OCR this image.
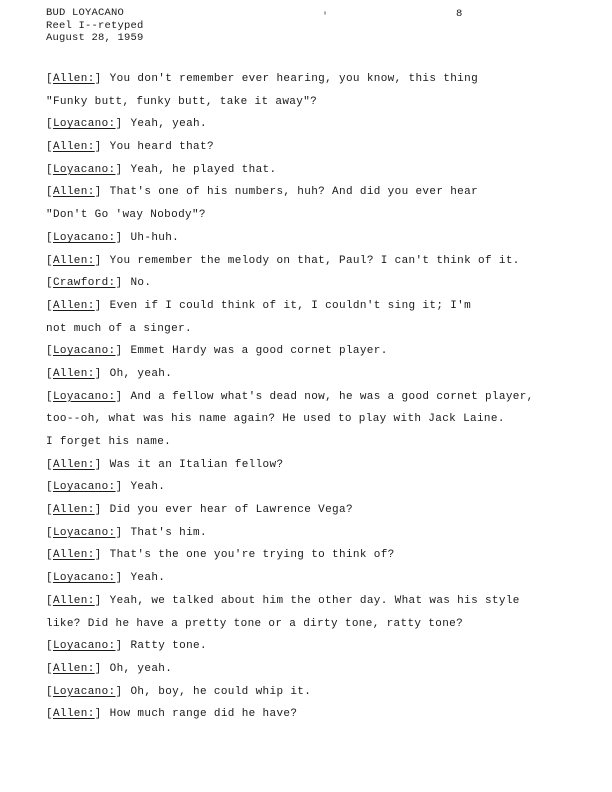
BUD LOYACANO
Reel I--retyped
August 28, 1959
'	8
[Allen:] You don't remember ever hearing, you know, this thing
"Funky butt, funky butt, take it away"?
[Loyacano:] Yeah, yeah.
[Allen:] You heard that?
[Loyacano:] Yeah, he played that.
[Allen:] That's one of his numbers, huh? And did you ever hear
"Don't Go 'way Nobody"?
[Loyacano:] Uh-huh.
[Allen:] You remember the melody on that, Paul? I can't think of it.
[Crawford:] No.
[Allen:] Even if I could think of it, I couldn't sing it; I'm
not much of a singer.
[Loyacano:] Emmet Hardy was a good cornet player.
[Allen:] Oh, yeah.
[Loyacano:] And a fellow what's dead now, he was a good cornet player,
too--oh, what was his name again? He used to play with Jack Laine.
I forget his name.
[Allen:] Was it an Italian fellow?
[Loyacano:] Yeah.
[Allen:] Did you ever hear of Lawrence Vega?
[Loyacano:] That's him.
[Allen:] That's the one you're trying to think of?
[Loyacano:] Yeah.
[Allen:] Yeah, we talked about him the other day. What was his style
like? Did he have a pretty tone or a dirty tone, ratty tone?
[Loyacano:] Ratty tone.
[Allen:] Oh, yeah.
[Loyacano:] Oh, boy, he could whip it.
[Allen:] How much range did he have?
